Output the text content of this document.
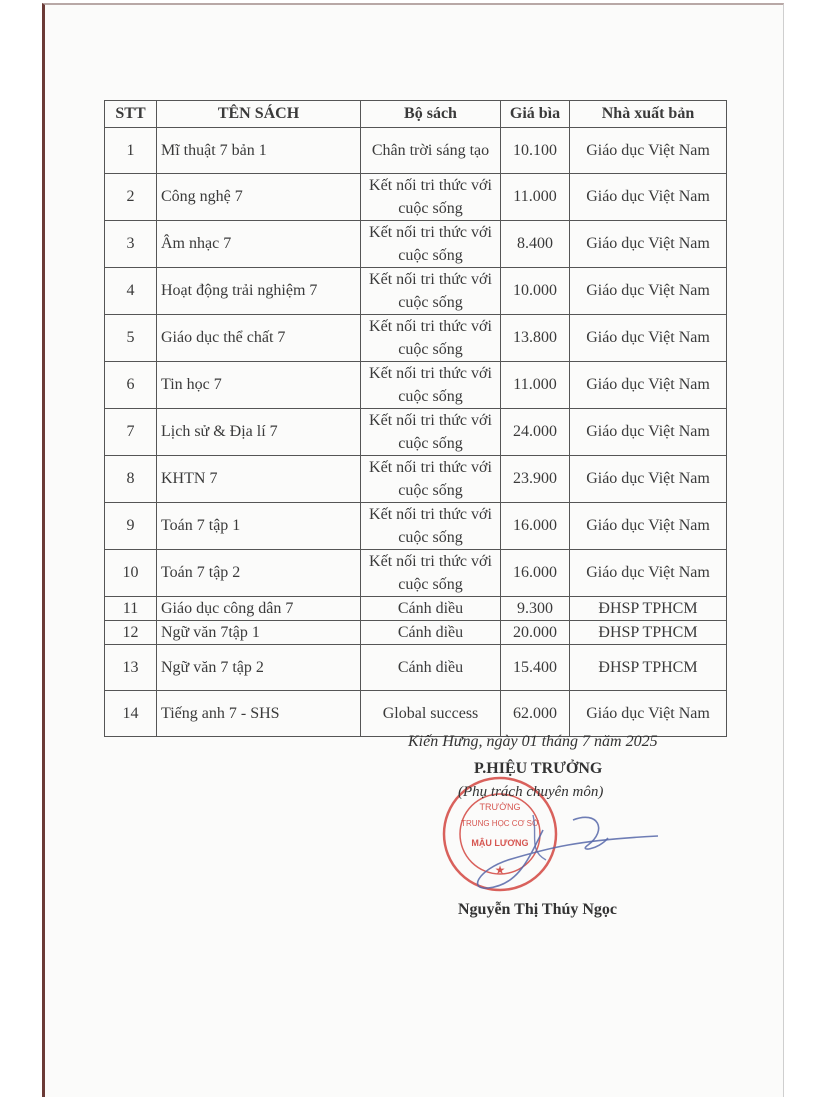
STT	TÊN SÁCH	Bộ sách	Giá bìa	Nhà xuất bản
1	Mĩ thuật 7 bản 1	Chân trời sáng tạo	10.100	Giáo dục Việt Nam
2	Công nghệ 7	Kết nối tri thức với cuộc sống	11.000	Giáo dục Việt Nam
3	Âm nhạc 7	Kết nối tri thức với cuộc sống	8.400	Giáo dục Việt Nam
4	Hoạt động trải nghiệm 7	Kết nối tri thức với cuộc sống	10.000	Giáo dục Việt Nam
5	Giáo dục thể chất 7	Kết nối tri thức với cuộc sống	13.800	Giáo dục Việt Nam
6	Tin học 7	Kết nối tri thức với cuộc sống	11.000	Giáo dục Việt Nam
7	Lịch sử & Địa lí 7	Kết nối tri thức với cuộc sống	24.000	Giáo dục Việt Nam
8	KHTN 7	Kết nối tri thức với cuộc sống	23.900	Giáo dục Việt Nam
9	Toán 7 tập 1	Kết nối tri thức với cuộc sống	16.000	Giáo dục Việt Nam
10	Toán 7 tập 2	Kết nối tri thức với cuộc sống	16.000	Giáo dục Việt Nam
11	Giáo dục công dân 7	Cánh diều	9.300	ĐHSP TPHCM
12	Ngữ văn 7tập 1	Cánh diều	20.000	ĐHSP TPHCM
13	Ngữ văn 7 tập 2	Cánh diều	15.400	ĐHSP TPHCM
14	Tiếng anh 7 - SHS	Global success	62.000	Giáo dục Việt Nam
TRƯỜNG
TRUNG HỌC CƠ SỞ
MẬU LƯƠNG
★
Kiến Hưng, ngày 01 tháng 7 năm 2025
P.HIỆU TRƯỞNG
(Phụ trách chuyên môn)
Nguyễn Thị Thúy Ngọc
